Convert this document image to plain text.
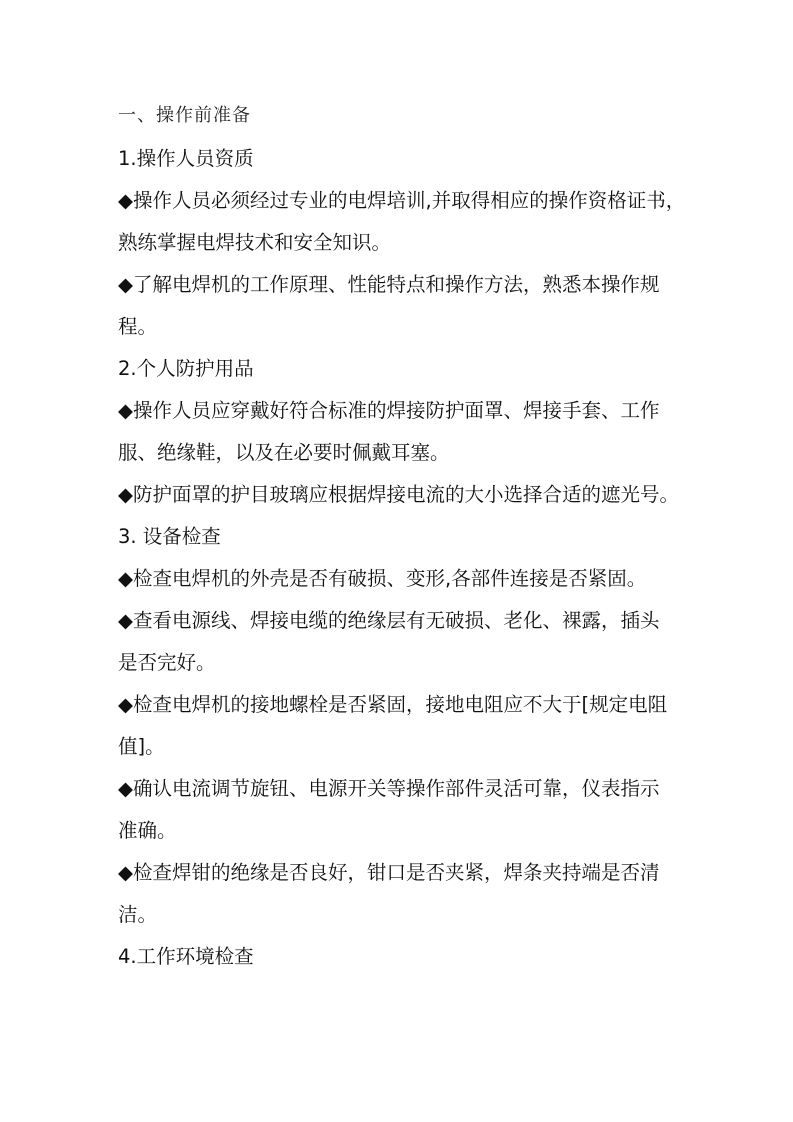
一、操作前准备
1.操作人员资质
◆操作人员必须经过专业的电焊培训,并取得相应的操作资格证书，
熟练掌握电焊技术和安全知识。
◆了解电焊机的工作原理、性能特点和操作方法，熟悉本操作规
程。
2.个人防护用品
◆操作人员应穿戴好符合标准的焊接防护面罩、焊接手套、工作
服、绝缘鞋，以及在必要时佩戴耳塞。
◆防护面罩的护目玻璃应根据焊接电流的大小选择合适的遮光号。
3. 设备检查
◆检查电焊机的外壳是否有破损、变形,各部件连接是否紧固。
◆查看电源线、焊接电缆的绝缘层有无破损、老化、裸露，插头
是否完好。
◆检查电焊机的接地螺栓是否紧固，接地电阻应不大于[规定电阻
值]。
◆确认电流调节旋钮、电源开关等操作部件灵活可靠，仪表指示
准确。
◆检查焊钳的绝缘是否良好，钳口是否夹紧，焊条夹持端是否清
洁。
4.工作环境检查
